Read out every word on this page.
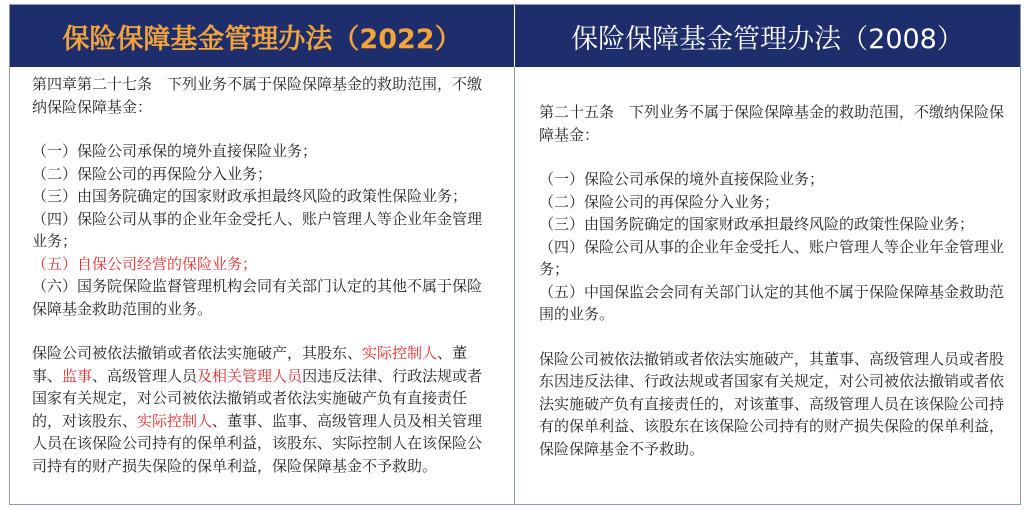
保险保障基金管理办法（2022）	保险保障基金管理办法（2008）

第四章第二十七条　下列业务不属于保险保障基金的救助范围，不缴纳保险保障基金：

（一）保险公司承保的境外直接保险业务；

（二）保险公司的再保险分入业务；

（三）由国务院确定的国家财政承担最终风险的政策性保险业务；

（四）保险公司从事的企业年金受托人、账户管理人等企业年金管理业务；

（五）自保公司经营的保险业务；

（六）国务院保险监督管理机构会同有关部门认定的其他不属于保险保障基金救助范围的业务。

保险公司被依法撤销或者依法实施破产，其股东、实际控制人、董事、监事、高级管理人员及相关管理人员因违反法律、行政法规或者国家有关规定，对公司被依法撤销或者依法实施破产负有直接责任的，对该股东、实际控制人、董事、监事、高级管理人员及相关管理人员在该保险公司持有的保单利益，该股东、实际控制人在该保险公司持有的财产损失保险的保单利益，保险保障基金不予救助。

第二十五条　下列业务不属于保险保障基金的救助范围，不缴纳保险保障基金：

（一）保险公司承保的境外直接保险业务；

（二）保险公司的再保险分入业务；

（三）由国务院确定的国家财政承担最终风险的政策性保险业务；

（四）保险公司从事的企业年金受托人、账户管理人等企业年金管理业务；

（五）中国保监会会同有关部门认定的其他不属于保险保障基金救助范围的业务。

保险公司被依法撤销或者依法实施破产，其董事、高级管理人员或者股东因违反法律、行政法规或者国家有关规定，对公司被依法撤销或者依法实施破产负有直接责任的，对该董事、高级管理人员在该保险公司持有的保单利益、该股东在该保险公司持有的财产损失保险的保单利益，保险保障基金不予救助。
